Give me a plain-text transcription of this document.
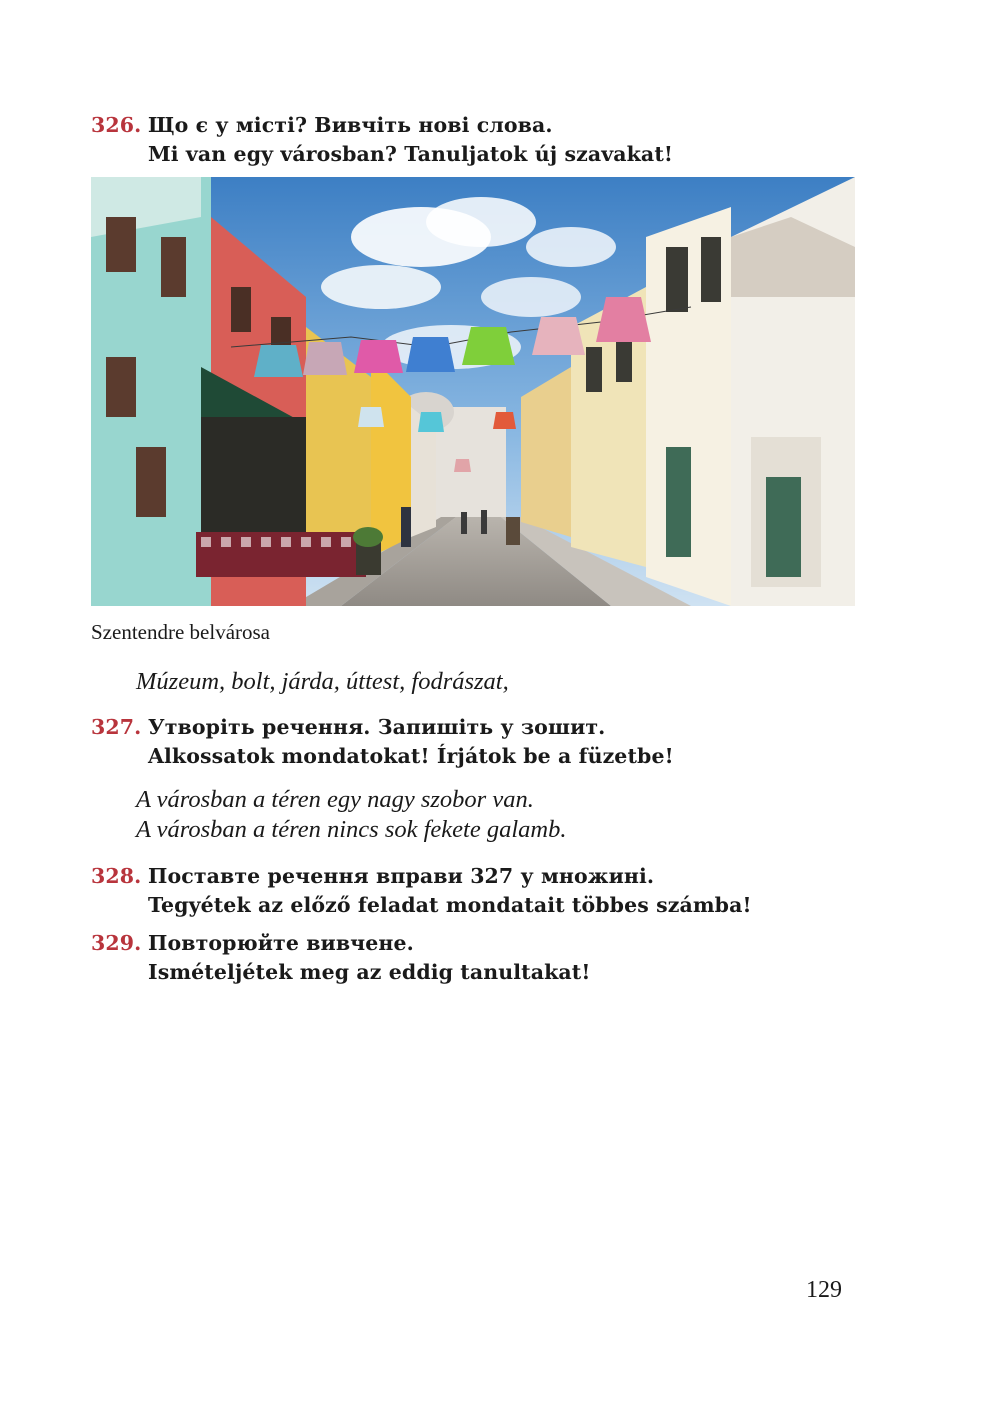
326. Що є у місті? Вивчіть нові слова.
Mi van egy városban? Tanuljatok új szavakat!
Szentendre belvárosa
Múzeum, bolt, járda, úttest, fodrászat,
327. Утворіть речення. Запишіть у зошит.
Alkossatok mondatokat! Írjátok be a füzetbe!
A városban a téren egy nagy szobor van.
A városban a téren nincs sok fekete galamb.
328. Поставте речення вправи 327 у множині.
Tegyétek az előző feladat mondatait többes számba!
329. Повторюйте вивчене.
Ismételjétek meg az eddig tanultakat!
129
